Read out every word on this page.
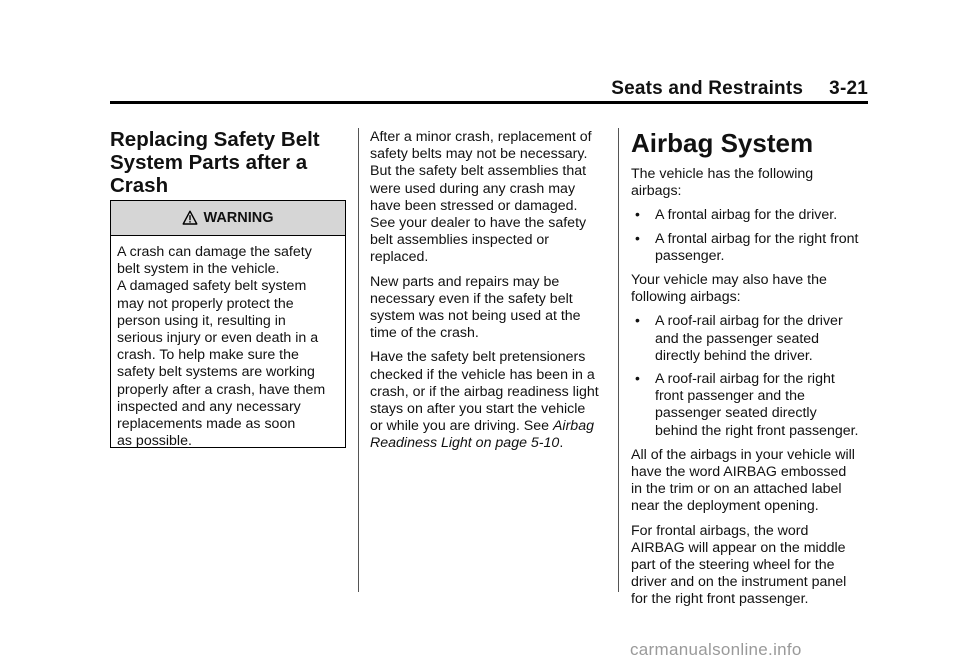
Seats and Restraints 3-21
Replacing Safety Belt
System Parts after a
Crash
WARNING
A crash can damage the safety
belt system in the vehicle.
A damaged safety belt system
may not properly protect the
person using it, resulting in
serious injury or even death in a
crash. To help make sure the
safety belt systems are working
properly after a crash, have them
inspected and any necessary
replacements made as soon
as possible.

After a minor crash, replacement of
safety belts may not be necessary.
But the safety belt assemblies that
were used during any crash may
have been stressed or damaged.
See your dealer to have the safety
belt assemblies inspected or
replaced.

New parts and repairs may be
necessary even if the safety belt
system was not being used at the
time of the crash.

Have the safety belt pretensioners
checked if the vehicle has been in a
crash, or if the airbag readiness light
stays on after you start the vehicle
or while you are driving. See Airbag
Readiness Light on page 5-10.

Airbag System

The vehicle has the following
airbags:

• A frontal airbag for the driver.
• A frontal airbag for the right front
passenger.

Your vehicle may also have the
following airbags:

• A roof-rail airbag for the driver
and the passenger seated
directly behind the driver.
• A roof-rail airbag for the right
front passenger and the
passenger seated directly
behind the right front passenger.

All of the airbags in your vehicle will
have the word AIRBAG embossed
in the trim or on an attached label
near the deployment opening.

For frontal airbags, the word
AIRBAG will appear on the middle
part of the steering wheel for the
driver and on the instrument panel
for the right front passenger.

carmanualsonline.info
